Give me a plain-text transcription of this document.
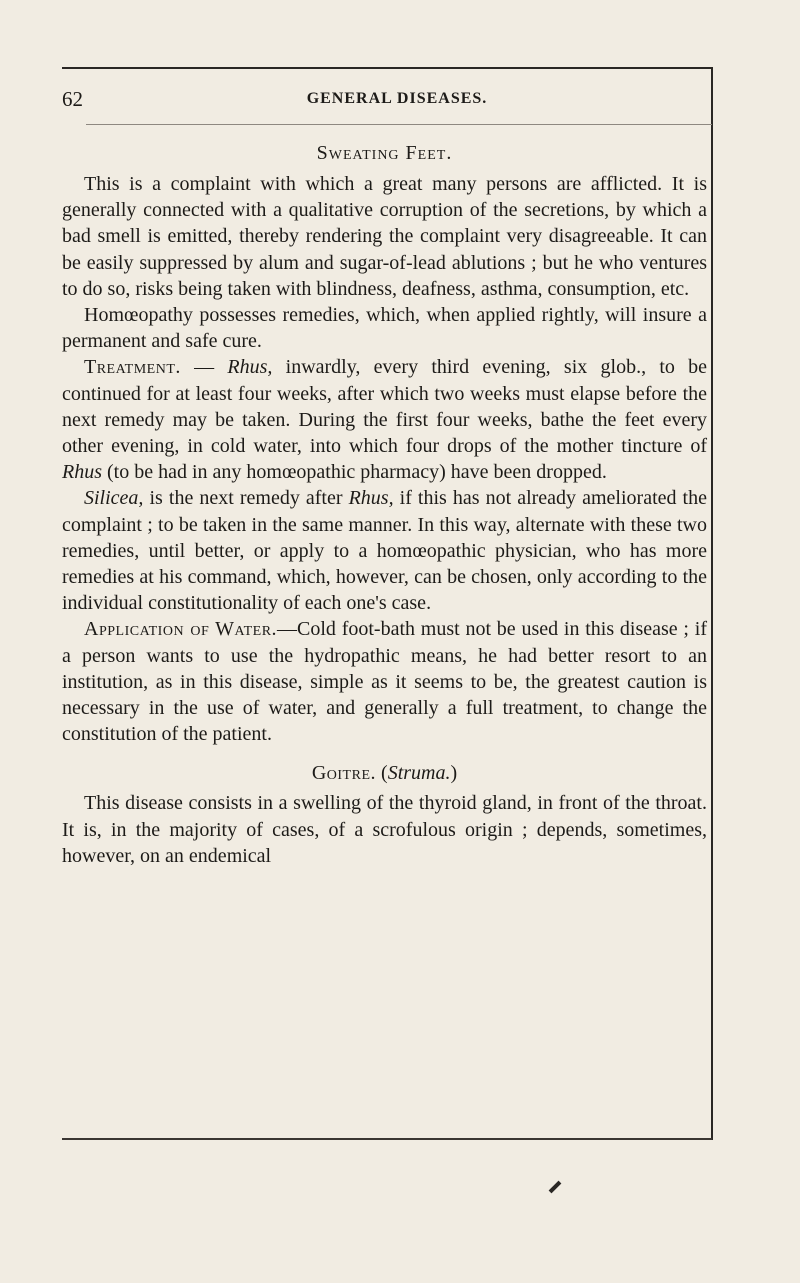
62	GENERAL DISEASES.
Sweating Feet.

This is a complaint with which a great many persons are afflicted. It is generally connected with a qualitative corruption of the secretions, by which a bad smell is emitted, thereby rendering the complaint very disagreeable. It can be easily suppressed by alum and sugar-of-lead ablutions ; but he who ventures to do so, risks being taken with blindness, deafness, asthma, consumption, etc.

Homœopathy possesses remedies, which, when applied rightly, will insure a permanent and safe cure.

Treatment. — Rhus, inwardly, every third evening, six glob., to be continued for at least four weeks, after which two weeks must elapse before the next remedy may be taken. During the first four weeks, bathe the feet every other evening, in cold water, into which four drops of the mother tincture of Rhus (to be had in any homœopathic pharmacy) have been dropped.

Silicea, is the next remedy after Rhus, if this has not already ameliorated the complaint ; to be taken in the same manner. In this way, alternate with these two remedies, until better, or apply to a homœopathic physician, who has more remedies at his command, which, however, can be chosen, only according to the individual constitutionality of each one's case.

Application of Water.—Cold foot-bath must not be used in this disease ; if a person wants to use the hydropathic means, he had better resort to an institution, as in this disease, simple as it seems to be, the greatest caution is necessary in the use of water, and generally a full treatment, to change the constitution of the patient.

Goitre. (Struma.)

This disease consists in a swelling of the thyroid gland, in front of the throat. It is, in the majority of cases, of a scrofulous origin ; depends, sometimes, however, on an endemical
